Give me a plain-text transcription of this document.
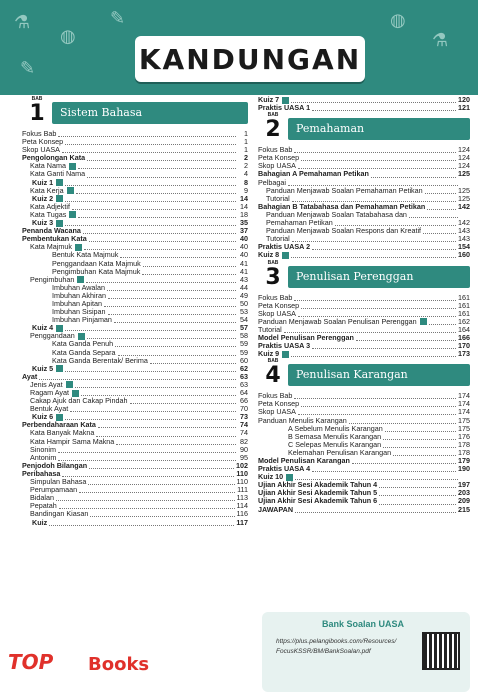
⚗
◍
✎	◍
⚗
✎	KANDUNGAN
BAB
1	Sistem Bahasa
Fokus Bab	1
Peta Konsep	1
Skop UASA	1
Pengolongan Kata	2
Kata Nama	2
Kata Ganti Nama	4
Kuiz 1	8
Kata Kerja	9
Kuiz 2	14
Kata Adjektif	14
Kata Tugas	18
Kuiz 3	35
Penanda Wacana	37
Pembentukan Kata	40
Kata Majmuk	40
Bentuk Kata Majmuk	40
Penggandaan Kata Majmuk	41
Pengimbuhan Kata Majmuk	41
Pengimbuhan	43
Imbuhan Awalan	44
Imbuhan Akhiran	49
Imbuhan Apitan	50
Imbuhan Sisipan	53
Imbuhan Pinjaman	54
Kuiz 4	57
Penggandaan	58
Kata Ganda Penuh	59
Kata Ganda Separa	59
Kata Ganda Berentak/ Berima	60
Kuiz 5	62
Ayat	63
Jenis Ayat	63
Ragam Ayat	64
Cakap Ajuk dan Cakap Pindah	66
Bentuk Ayat	70
Kuiz 6	73
Perbendaharaan Kata	74
Kata Banyak Makna	74
Kata Hampir Sama Makna	82
Sinonim	90
Antonim	95
Penjodoh Bilangan	102
Peribahasa	110
Simpulan Bahasa	110
Perumpamaan	111
Bidalan	113
Pepatah	114
Bandingan Kiasan	116
Kuiz	117
Kuiz 7	120
Praktis UASA 1	121
BAB
2	Pemahaman
Fokus Bab	124
Peta Konsep	124
Skop UASA	124
Bahagian A Pemahaman Petikan	125
Pelbagai
Panduan Menjawab Soalan Pemahaman Petikan	125
Tutorial	125
Bahagian B Tatabahasa dan Pemahaman Petikan	142
Panduan Menjawab Soalan Tatabahasa dan
Pemahaman Petikan	142
Panduan Menjawab Soalan Respons dan Kreatif	143
Tutorial	143
Praktis UASA 2	154
Kuiz 8	160
BAB
3	Penulisan Perenggan
Fokus Bab	161
Peta Konsep	161
Skop UASA	161
Panduan Menjawab Soalan Penulisan Perenggan	162
Tutorial	164
Model Penulisan Perenggan	166
Praktis UASA 3	170
Kuiz 9	173
BAB
4	Penulisan Karangan
Fokus Bab	174
Peta Konsep	174
Skop UASA	174
Panduan Menulis Karangan	175
A Sebelum Menulis Karangan	175
B Semasa Menulis Karangan	176
C Selepas Menulis Karangan	178
Kelemahan Penulisan Karangan	178
Model Penulisan Karangan	179
Praktis UASA 4	190
Kuiz 10
Ujian Akhir Sesi Akademik Tahun 4	197
Ujian Akhir Sesi Akademik Tahun 5	203
Ujian Akhir Sesi Akademik Tahun 6	209
JAWAPAN	215
Bank Soalan UASA
https://plus.pelangibooks.com/Resources/
FocusKSSR/BM/BankSoalan.pdf
TOP Books
